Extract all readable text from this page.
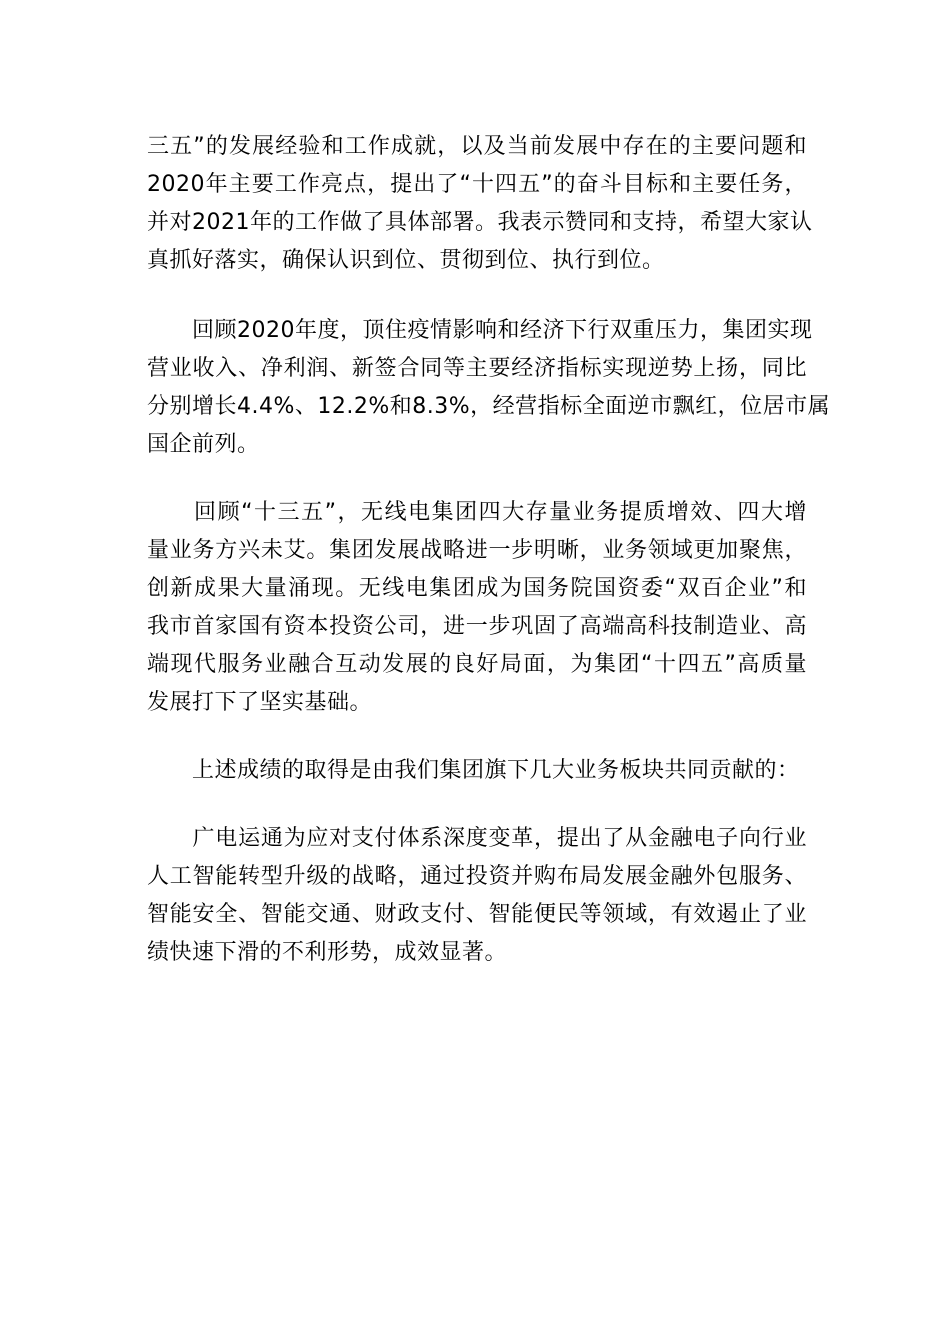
三五”的发展经验和工作成就，以及当前发展中存在的主要问题和
2020年主要工作亮点，提出了“十四五”的奋斗目标和主要任务，
并对2021年的工作做了具体部署。我表示赞同和支持，希望大家认
真抓好落实，确保认识到位、贯彻到位、执行到位。
　　回顾2020年度，顶住疫情影响和经济下行双重压力，集团实现
营业收入、净利润、新签合同等主要经济指标实现逆势上扬，同比
分别增长4.4%、12.2%和8.3%，经营指标全面逆市飘红，位居市属
国企前列。
　　回顾“十三五”，无线电集团四大存量业务提质增效、四大增
量业务方兴未艾。集团发展战略进一步明晰，业务领域更加聚焦，
创新成果大量涌现。无线电集团成为国务院国资委“双百企业”和
我市首家国有资本投资公司，进一步巩固了高端高科技制造业、高
端现代服务业融合互动发展的良好局面，为集团“十四五”高质量
发展打下了坚实基础。
　　上述成绩的取得是由我们集团旗下几大业务板块共同贡献的：
　　广电运通为应对支付体系深度变革，提出了从金融电子向行业
人工智能转型升级的战略，通过投资并购布局发展金融外包服务、
智能安全、智能交通、财政支付、智能便民等领域，有效遏止了业
绩快速下滑的不利形势，成效显著。
